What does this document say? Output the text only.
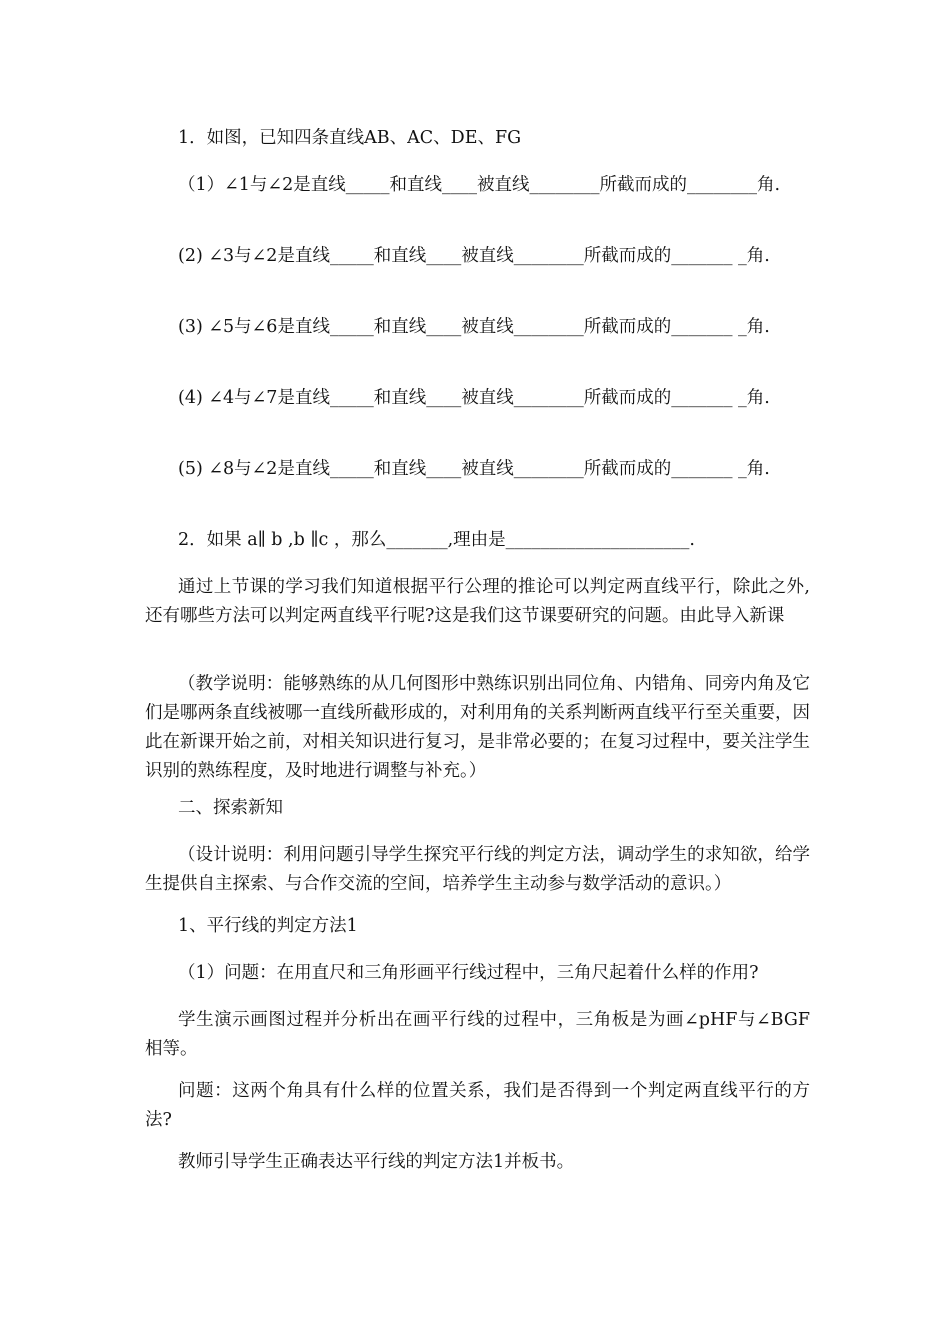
1．如图，已知四条直线AB、AC、DE、FG

（1）∠1与∠2是直线_____和直线____被直线________所截而成的________角.

(2) ∠3与∠2是直线_____和直线____被直线________所截而成的_______ _角.

(3) ∠5与∠6是直线_____和直线____被直线________所截而成的_______ _角.

(4) ∠4与∠7是直线_____和直线____被直线________所截而成的_______ _角.

(5) ∠8与∠2是直线_____和直线____被直线________所截而成的_______ _角.

2．如果 a∥ b ,b ∥c ，那么_______,理由是_____________________.

通过上节课的学习我们知道根据平行公理的推论可以判定两直线平行，除此之外,还有哪些方法可以判定两直线平行呢?这是我们这节课要研究的问题。由此导入新课

（教学说明：能够熟练的从几何图形中熟练识别出同位角、内错角、同旁内角及它们是哪两条直线被哪一直线所截形成的，对利用角的关系判断两直线平行至关重要，因此在新课开始之前，对相关知识进行复习，是非常必要的；在复习过程中，要关注学生识别的熟练程度，及时地进行调整与补充。）

二、探索新知

（设计说明：利用问题引导学生探究平行线的判定方法，调动学生的求知欲，给学生提供自主探索、与合作交流的空间，培养学生主动参与数学活动的意识。）

1、平行线的判定方法1

（1）问题：在用直尺和三角形画平行线过程中，三角尺起着什么样的作用?

学生演示画图过程并分析出在画平行线的过程中，三角板是为画∠pHF与∠BGF相等。

问题：这两个角具有什么样的位置关系，我们是否得到一个判定两直线平行的方法?

教师引导学生正确表达平行线的判定方法1并板书。
